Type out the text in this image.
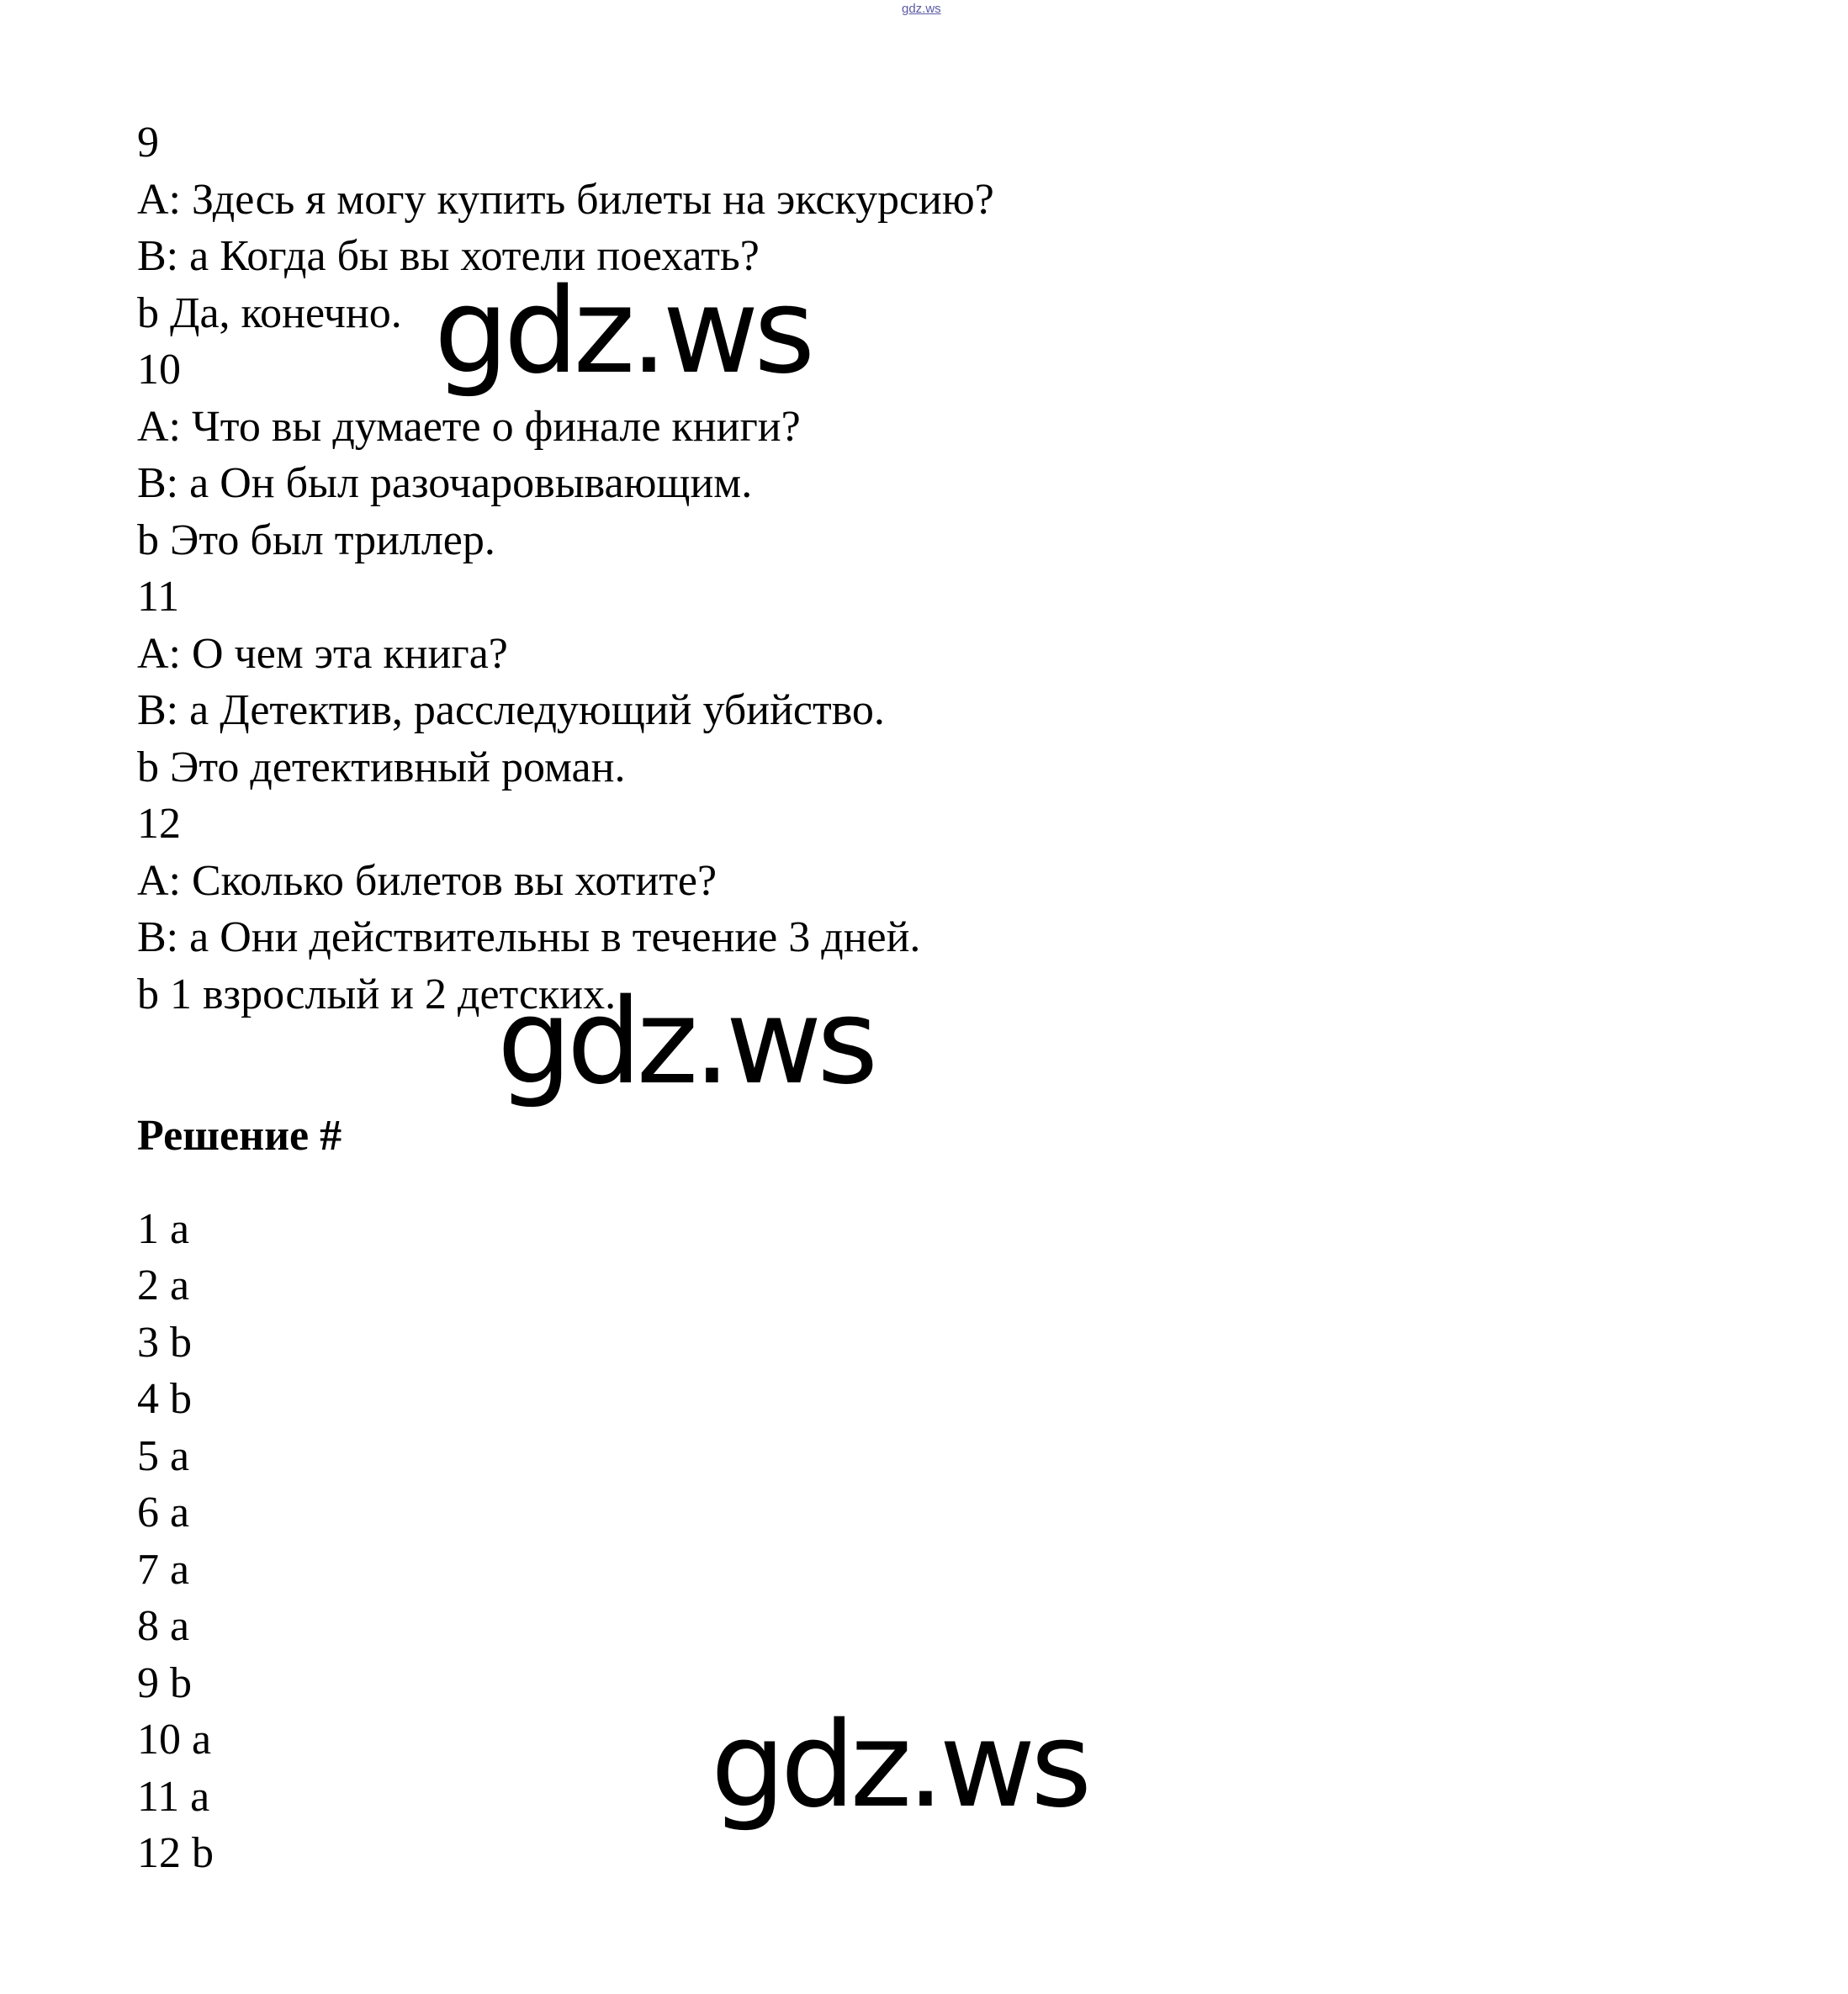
gdz.ws
9
A: Здесь я могу купить билеты на экскурсию?
B: a Когда бы вы хотели поехать?
b Да, конечно.
10
A: Что вы думаете о финале книги?
B: a Он был разочаровывающим.
b Это был триллер.
11
A: О чем эта книга?
B: a Детектив, расследующий убийство.
b Это детективный роман.
12
A: Сколько билетов вы хотите?
B: a Они действительны в течение 3 дней.
b 1 взрослый и 2 детских.
Решение #
1 a
2 a
3 b
4 b
5 a
6 a
7 a
8 a
9 b
10 a
11 a
12 b
gdz.ws
gdz.ws
gdz.ws
